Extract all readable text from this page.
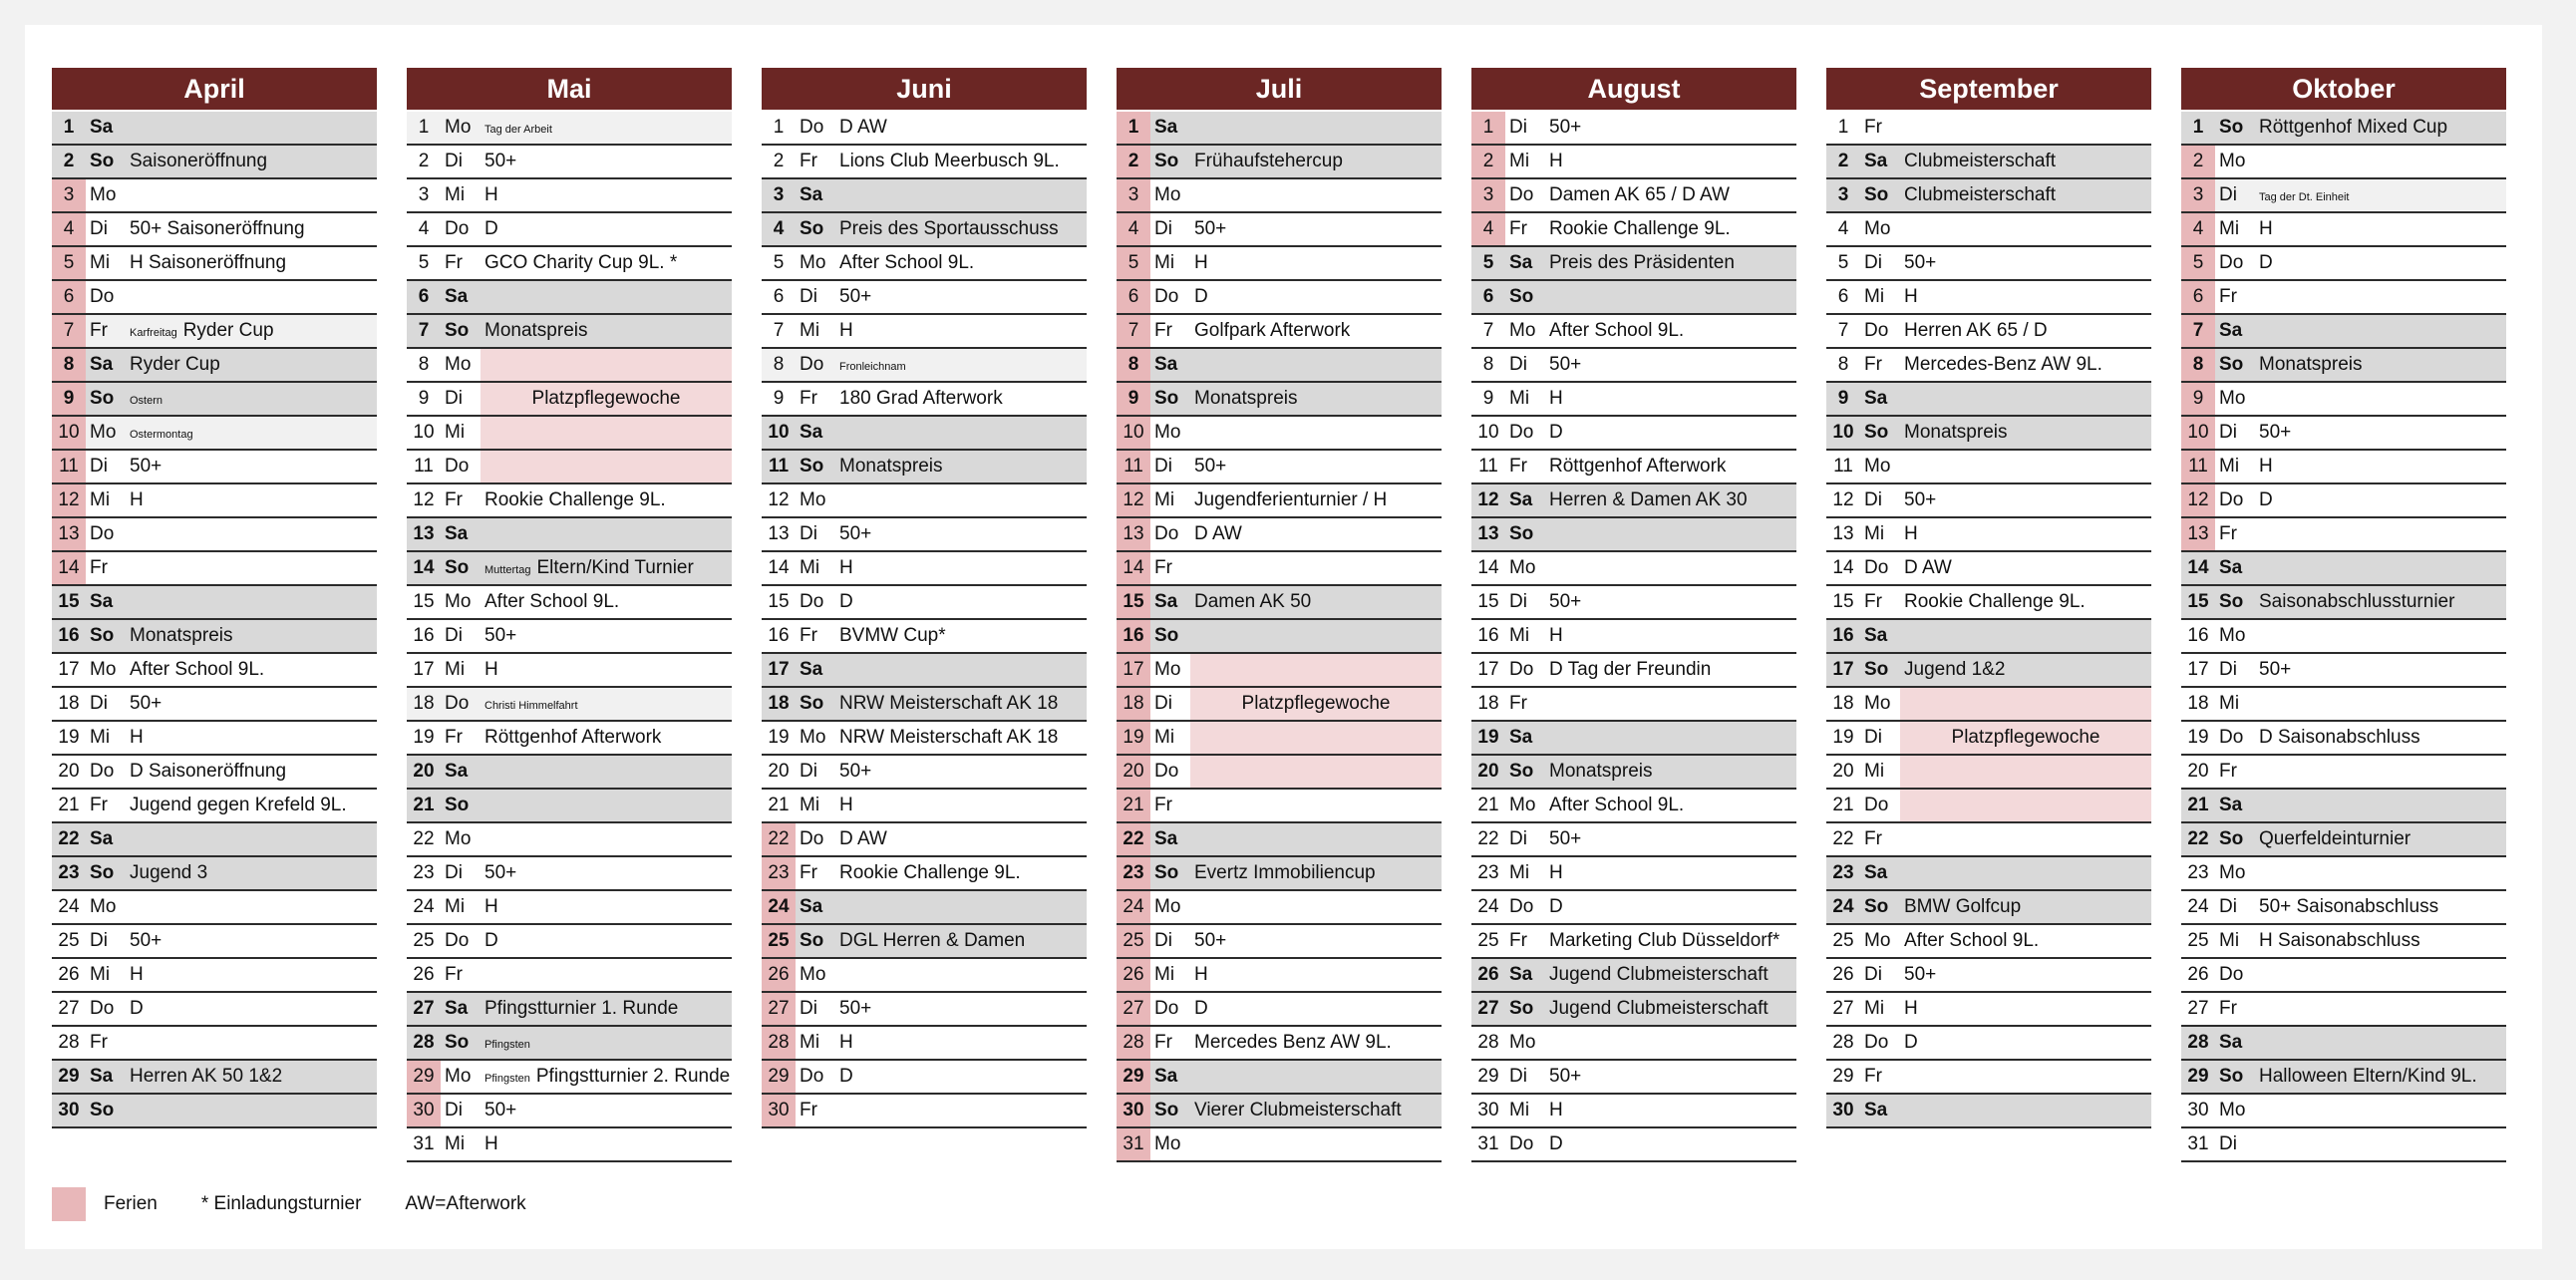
April
1 Sa
2 So Saisoneröffnung
3 Mo
4 Di	50+ Saisoneröffnung
5 Mi	H Saisoneröffnung
6 Do
7 Fr	Karfreitag Ryder Cup
8 Sa Ryder Cup
9 So	Ostern
10 Mo	Ostermontag
11 Di	50+
12 Mi	H
13 Do
14 Fr
15 Sa
16 So Monatspreis
17 Mo After School 9L.
18 Di	50+
19 Mi	H
20 Do D Saisoneröffnung
21 Fr	Jugend gegen Krefeld 9L.
22 Sa
23 So Jugend 3
24 Mo
25 Di	50+
26 Mi	H
27 Do D
28 Fr
29 Sa Herren AK 50 1&2
30 So
Mai
1 Mo	Tag der Arbeit
2 Di	50+
3 Mi	H
4 Do D
5 Fr	GCO Charity Cup 9L. *
6 Sa
7 So Monatspreis
8 Mo
9 Di	Platzpflegewoche
10 Mi
11 Do
12 Fr	Rookie Challenge 9L.
13 Sa
14 So	Muttertag Eltern/Kind Turnier
15 Mo After School 9L.
16 Di	50+
17 Mi	H
18 Do	Christi Himmelfahrt
19 Fr	Röttgenhof Afterwork
20 Sa
21 So
22 Mo
23 Di	50+
24 Mi	H
25 Do D
26 Fr
27 Sa Pfingstturnier 1. Runde
28 So	Pfingsten
29 Mo	Pfingsten Pfingstturnier 2. Runde
30 Di	50+
31 Mi	H
Juni
1 Do D AW
2 Fr	Lions Club Meerbusch 9L.
3 Sa
4 So Preis des Sportausschuss
5 Mo After School 9L.
6 Di	50+
7 Mi	H
8 Do	Fronleichnam
9 Fr	180 Grad Afterwork
10 Sa
11 So Monatspreis
12 Mo
13 Di	50+
14 Mi	H
15 Do D
16 Fr	BVMW Cup*
17 Sa
18 So NRW Meisterschaft AK 18
19 Mo NRW Meisterschaft AK 18
20 Di	50+
21 Mi	H
22 Do D AW
23 Fr	Rookie Challenge 9L.
24 Sa
25 So DGL Herren & Damen
26 Mo
27 Di	50+
28 Mi	H
29 Do D
30 Fr
Juli
1 Sa
2 So Frühaufstehercup
3 Mo
4 Di	50+
5 Mi	H
6 Do D
7 Fr	Golfpark Afterwork
8 Sa
9 So Monatspreis
10 Mo
11 Di	50+
12 Mi	Jugendferienturnier / H
13 Do D AW
14 Fr
15 Sa Damen AK 50
16 So
17 Mo
18 Di	Platzpflegewoche
19 Mi
20 Do
21 Fr
22 Sa
23 So Evertz Immobiliencup
24 Mo
25 Di	50+
26 Mi	H
27 Do D
28 Fr	Mercedes Benz AW 9L.
29 Sa
30 So Vierer Clubmeisterschaft
31 Mo
August
1 Di	50+
2 Mi	H
3 Do Damen AK 65 / D AW
4 Fr	Rookie Challenge 9L.
5 Sa Preis des Präsidenten
6 So
7 Mo After School 9L.
8 Di	50+
9 Mi	H
10 Do D
11 Fr	Röttgenhof Afterwork
12 Sa Herren & Damen AK 30
13 So
14 Mo
15 Di	50+
16 Mi	H
17 Do D Tag der Freundin
18 Fr
19 Sa
20 So Monatspreis
21 Mo After School 9L.
22 Di	50+
23 Mi	H
24 Do D
25 Fr	Marketing Club Düsseldorf*
26 Sa Jugend Clubmeisterschaft
27 So Jugend Clubmeisterschaft
28 Mo
29 Di	50+
30 Mi	H
31 Do D
September
1 Fr
2 Sa Clubmeisterschaft
3 So Clubmeisterschaft
4 Mo
5 Di	50+
6 Mi	H
7 Do Herren AK 65 / D
8 Fr	Mercedes-Benz AW 9L.
9 Sa
10 So Monatspreis
11 Mo
12 Di	50+
13 Mi	H
14 Do D AW
15 Fr	Rookie Challenge 9L.
16 Sa
17 So Jugend 1&2
18 Mo
19 Di	Platzpflegewoche
20 Mi
21 Do
22 Fr
23 Sa
24 So BMW Golfcup
25 Mo After School 9L.
26 Di	50+
27 Mi	H
28 Do D
29 Fr
30 Sa
Oktober
1 So Röttgenhof Mixed Cup
2 Mo
3 Di	Tag der Dt. Einheit
4 Mi	H
5 Do D
6 Fr
7 Sa
8 So Monatspreis
9 Mo
10 Di	50+
11 Mi	H
12 Do D
13 Fr
14 Sa
15 So Saisonabschlussturnier
16 Mo
17 Di	50+
18 Mi
19 Do D Saisonabschluss
20 Fr
21 Sa
22 So Querfeldeinturnier
23 Mo
24 Di	50+ Saisonabschluss
25 Mi	H Saisonabschluss
26 Do
27 Fr
28 Sa
29 So Halloween Eltern/Kind 9L.
30 Mo
31 Di
Ferien * Einladungsturnier AW=Afterwork
